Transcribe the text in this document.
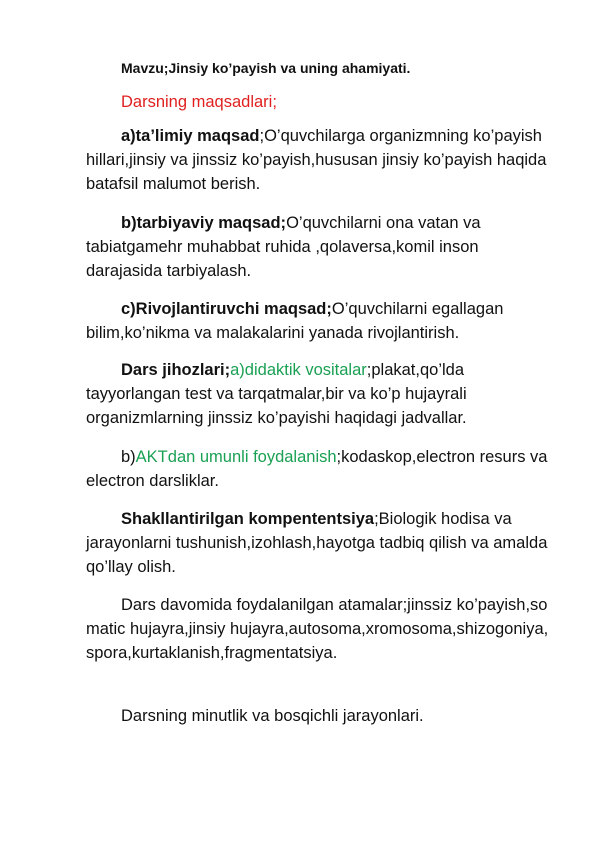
Mavzu;Jinsiy ko’payish va uning ahamiyati.

Darsning maqsadlari;

a)ta’limiy maqsad;O’quvchilarga organizmning ko’payish hillari,jinsiy va jinssiz ko’payish,hususan jinsiy ko’payish haqida batafsil malumot berish.

b)tarbiyaviy maqsad;O’quvchilarni ona vatan va tabiatgamehr muhabbat ruhida ,qolaversa,komil inson darajasida tarbiyalash.

c)Rivojlantiruvchi maqsad;O’quvchilarni egallagan bilim,ko’nikma va malakalarini yanada rivojlantirish.

Dars jihozlari;a)didaktik vositalar;plakat,qo’lda tayyorlangan test va tarqatmalar,bir va ko’p hujayrali organizmlarning jinssiz ko’payishi haqidagi jadvallar.

b)AKTdan umunli foydalanish;kodaskop,electron resurs va electron darsliklar.

Shakllantirilgan kompententsiya;Biologik hodisa va jarayonlarni tushunish,izohlash,hayotga tadbiq qilish va amalda qo’llay olish.

Dars davomida foydalanilgan atamalar;jinssiz ko’payish,somatic hujayra,jinsiy hujayra,autosoma,xromosoma,shizogoniya,spora,kurtaklanish,fragmentatsiya.

Darsning minutlik va bosqichli jarayonlari.
